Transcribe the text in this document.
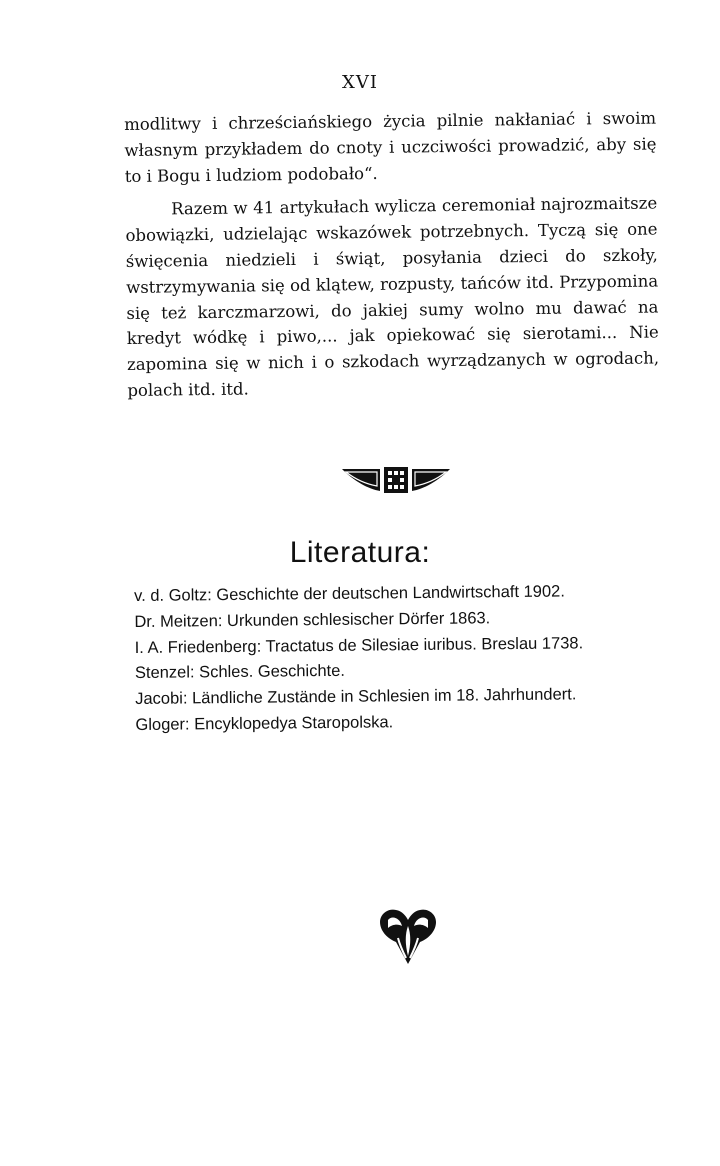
XVI

modlitwy i chrześciańskiego życia pilnie nakłaniać i swoim własnym przykładem do cnoty i uczciwości prowadzić, aby się to i Bogu i ludziom podobało“.

Razem w 41 artykułach wylicza ceremoniał najrozmaitsze obowiązki, udzielając wskazówek potrzebnych. Tyczą się one święcenia niedzieli i świąt, posyłania dzieci do szkoły, wstrzymywania się od klątew, rozpusty, tańców itd. Przypomina się też karczmarzowi, do jakiej sumy wolno mu dawać na kredyt wódkę i piwo,... jak opiekować się sierotami... Nie zapomina się w nich i o szkodach wyrządzanych w ogrodach, polach itd. itd.

Literatura:

v. d. Goltz: Geschichte der deutschen Landwirtschaft 1902.

Dr. Meitzen: Urkunden schlesischer Dörfer 1863.

I. A. Friedenberg: Tractatus de Silesiae iuribus. Breslau 1738.

Stenzel: Schles. Geschichte.

Jacobi: Ländliche Zustände in Schlesien im 18. Jahrhundert.

Gloger: Encyklopedya Staropolska.
